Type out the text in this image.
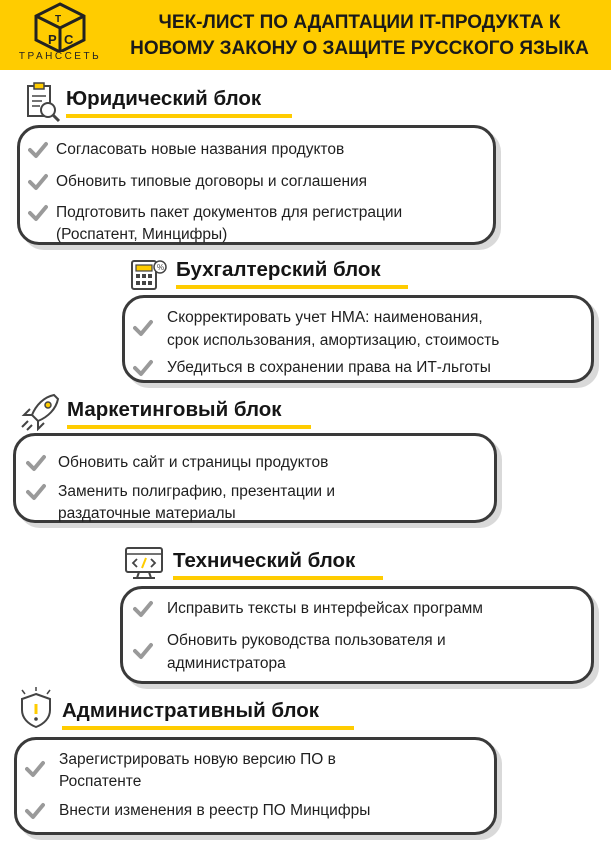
P C
T
ТРАНССЕТЬ
ЧЕК-ЛИСТ ПО АДАПТАЦИИ IT-ПРОДУКТА К
НОВОМУ ЗАКОНУ О ЗАЩИТЕ РУССКОГО ЯЗЫКА
Юридический блок
Согласовать новые названия продуктов
Обновить типовые договоры и соглашения
Подготовить пакет документов для регистрации
(Роспатент, Минцифры)
% Бухгалтерский блок
Скорректировать учет НМА: наименования,
срок использования, амортизацию, стоимость
Убедиться в сохранении права на ИТ-льготы
Маркетинговый блок
Обновить сайт и страницы продуктов
Заменить полиграфию, презентации и
раздаточные материалы
Технический блок
Исправить тексты в интерфейсах программ
Обновить руководства пользователя и
администратора
Административный блок
Зарегистрировать новую версию ПО в
Роспатенте
Внести изменения в реестр ПО Минцифры
